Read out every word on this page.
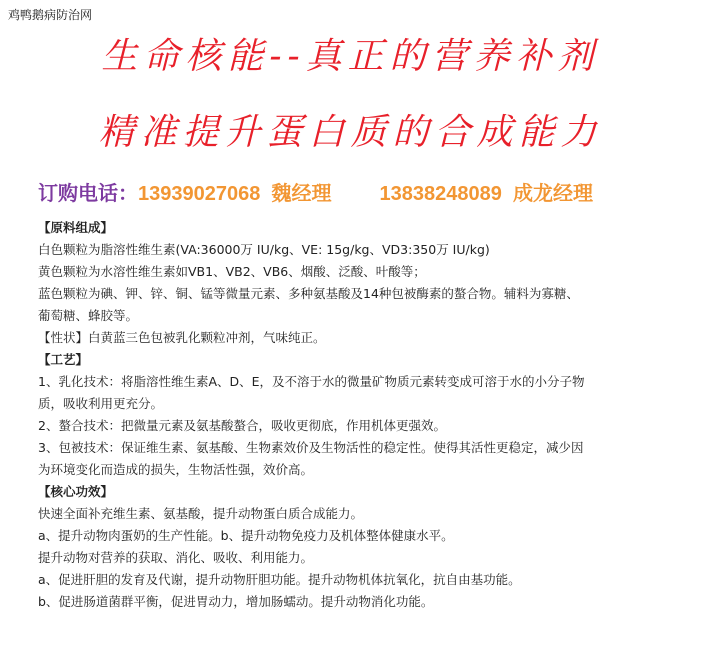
鸡鸭鹅病防治网
生命核能--真正的营养补剂
精准提升蛋白质的合成能力
订购电话：13939027068 魏经理 13838248089 成龙经理

【原料组成】

白色颗粒为脂溶性维生素(VA:36000万 IU/kg、VE: 15g/kg、VD3:350万 IU/kg)

黄色颗粒为水溶性维生素如VB1、VB2、VB6、烟酸、泛酸、叶酸等；

蓝色颗粒为碘、钾、锌、铜、锰等微量元素、多种氨基酸及14种包被酶素的螯合物。辅料为寡糖、

葡萄糖、蜂胶等。

【性状】白黄蓝三色包被乳化颗粒冲剂，气味纯正。

【工艺】

1、乳化技术：将脂溶性维生素A、D、E，及不溶于水的微量矿物质元素转变成可溶于水的小分子物

质，吸收利用更充分。

2、螯合技术：把微量元素及氨基酸螯合，吸收更彻底，作用机体更强效。

3、包被技术：保证维生素、氨基酸、生物素效价及生物活性的稳定性。使得其活性更稳定，减少因

为环境变化而造成的损失，生物活性强，效价高。

【核心功效】

快速全面补充维生素、氨基酸，提升动物蛋白质合成能力。

a、提升动物肉蛋奶的生产性能。b、提升动物免疫力及机体整体健康水平。

提升动物对营养的获取、消化、吸收、利用能力。

a、促进肝胆的发育及代谢，提升动物肝胆功能。提升动物机体抗氧化，抗自由基功能。

b、促进肠道菌群平衡，促进胃动力，增加肠蠕动。提升动物消化功能。
